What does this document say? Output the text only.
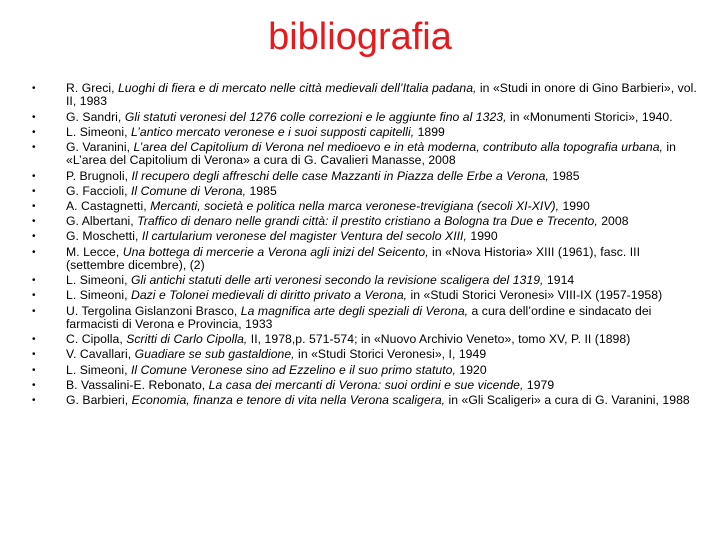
bibliografia
• R. Greci, Luoghi di fiera e di mercato nelle città medievali dell’Italia padana, in «Studi in onore di Gino Barbieri», vol. II, 1983
• G. Sandri, Gli statuti veronesi del 1276 colle correzioni e le aggiunte fino al 1323, in «Monumenti Storici», 1940.
• L. Simeoni, L’antico mercato veronese e i suoi supposti capitelli, 1899
• G. Varanini, L’area del Capitolium di Verona nel medioevo e in età moderna, contributo alla topografia urbana, in «L’area del Capitolium di Verona» a cura di G. Cavalieri Manasse, 2008
• P. Brugnoli, Il recupero degli affreschi delle case Mazzanti in Piazza delle Erbe a Verona, 1985
• G. Faccioli, Il Comune di Verona, 1985
• A. Castagnetti, Mercanti, società e politica nella marca veronese-trevigiana (secoli XI-XIV), 1990
• G. Albertani, Traffico di denaro nelle grandi città: il prestito cristiano a Bologna tra Due e Trecento, 2008
• G. Moschetti, Il cartularium veronese del magister Ventura del secolo XIII, 1990
• M. Lecce, Una bottega di mercerie a Verona agli inizi del Seicento, in «Nova Historia» XIII (1961), fasc. III (settembre dicembre), (2)
• L. Simeoni, Gli antichi statuti delle arti veronesi secondo la revisione scaligera del 1319, 1914
• L. Simeoni, Dazi e Tolonei medievali di diritto privato a Verona, in «Studi Storici Veronesi» VIII-IX (1957-1958)
• U. Tergolina Gislanzoni Brasco, La magnifica arte degli speziali di Verona, a cura dell’ordine e sindacato dei farmacisti di Verona e Provincia, 1933
• C. Cipolla, Scritti di Carlo Cipolla, II, 1978,p. 571-574; in «Nuovo Archivio Veneto», tomo XV, P. II (1898)
• V. Cavallari, Guadiare se sub gastaldione, in «Studi Storici Veronesi», I, 1949
• L. Simeoni, Il Comune Veronese sino ad Ezzelino e il suo primo statuto, 1920
• B. Vassalini-E. Rebonato, La casa dei mercanti di Verona: suoi ordini e sue vicende, 1979
• G. Barbieri, Economia, finanza e tenore di vita nella Verona scaligera, in «Gli Scaligeri» a cura di G. Varanini, 1988
